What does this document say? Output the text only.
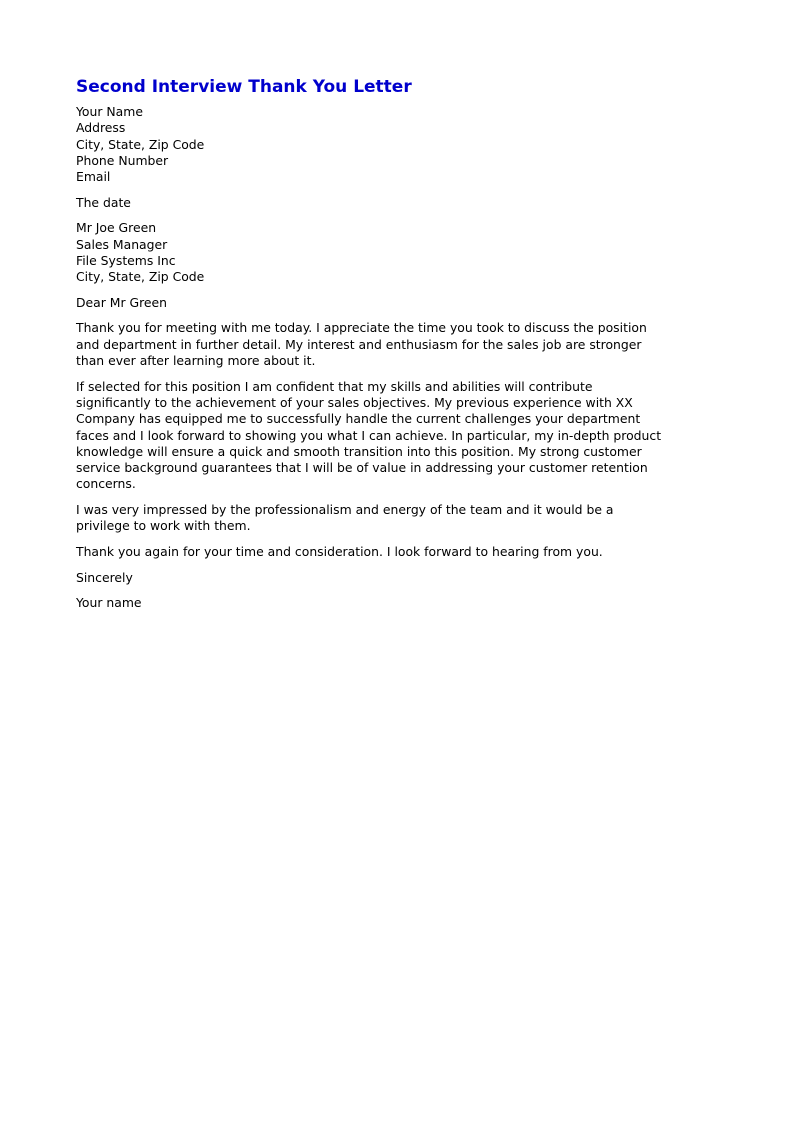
Second Interview Thank You Letter
Your Name
Address
City, State, Zip Code
Phone Number
Email
The date
Mr Joe Green
Sales Manager
File Systems Inc
City, State, Zip Code
Dear Mr Green
Thank you for meeting with me today. I appreciate the time you took to discuss the position
and department in further detail. My interest and enthusiasm for the sales job are stronger
than ever after learning more about it.
If selected for this position I am confident that my skills and abilities will contribute
significantly to the achievement of your sales objectives. My previous experience with XX
Company has equipped me to successfully handle the current challenges your department
faces and I look forward to showing you what I can achieve. In particular, my in-depth product
knowledge will ensure a quick and smooth transition into this position. My strong customer
service background guarantees that I will be of value in addressing your customer retention
concerns.
I was very impressed by the professionalism and energy of the team and it would be a
privilege to work with them.
Thank you again for your time and consideration. I look forward to hearing from you.
Sincerely
Your name
